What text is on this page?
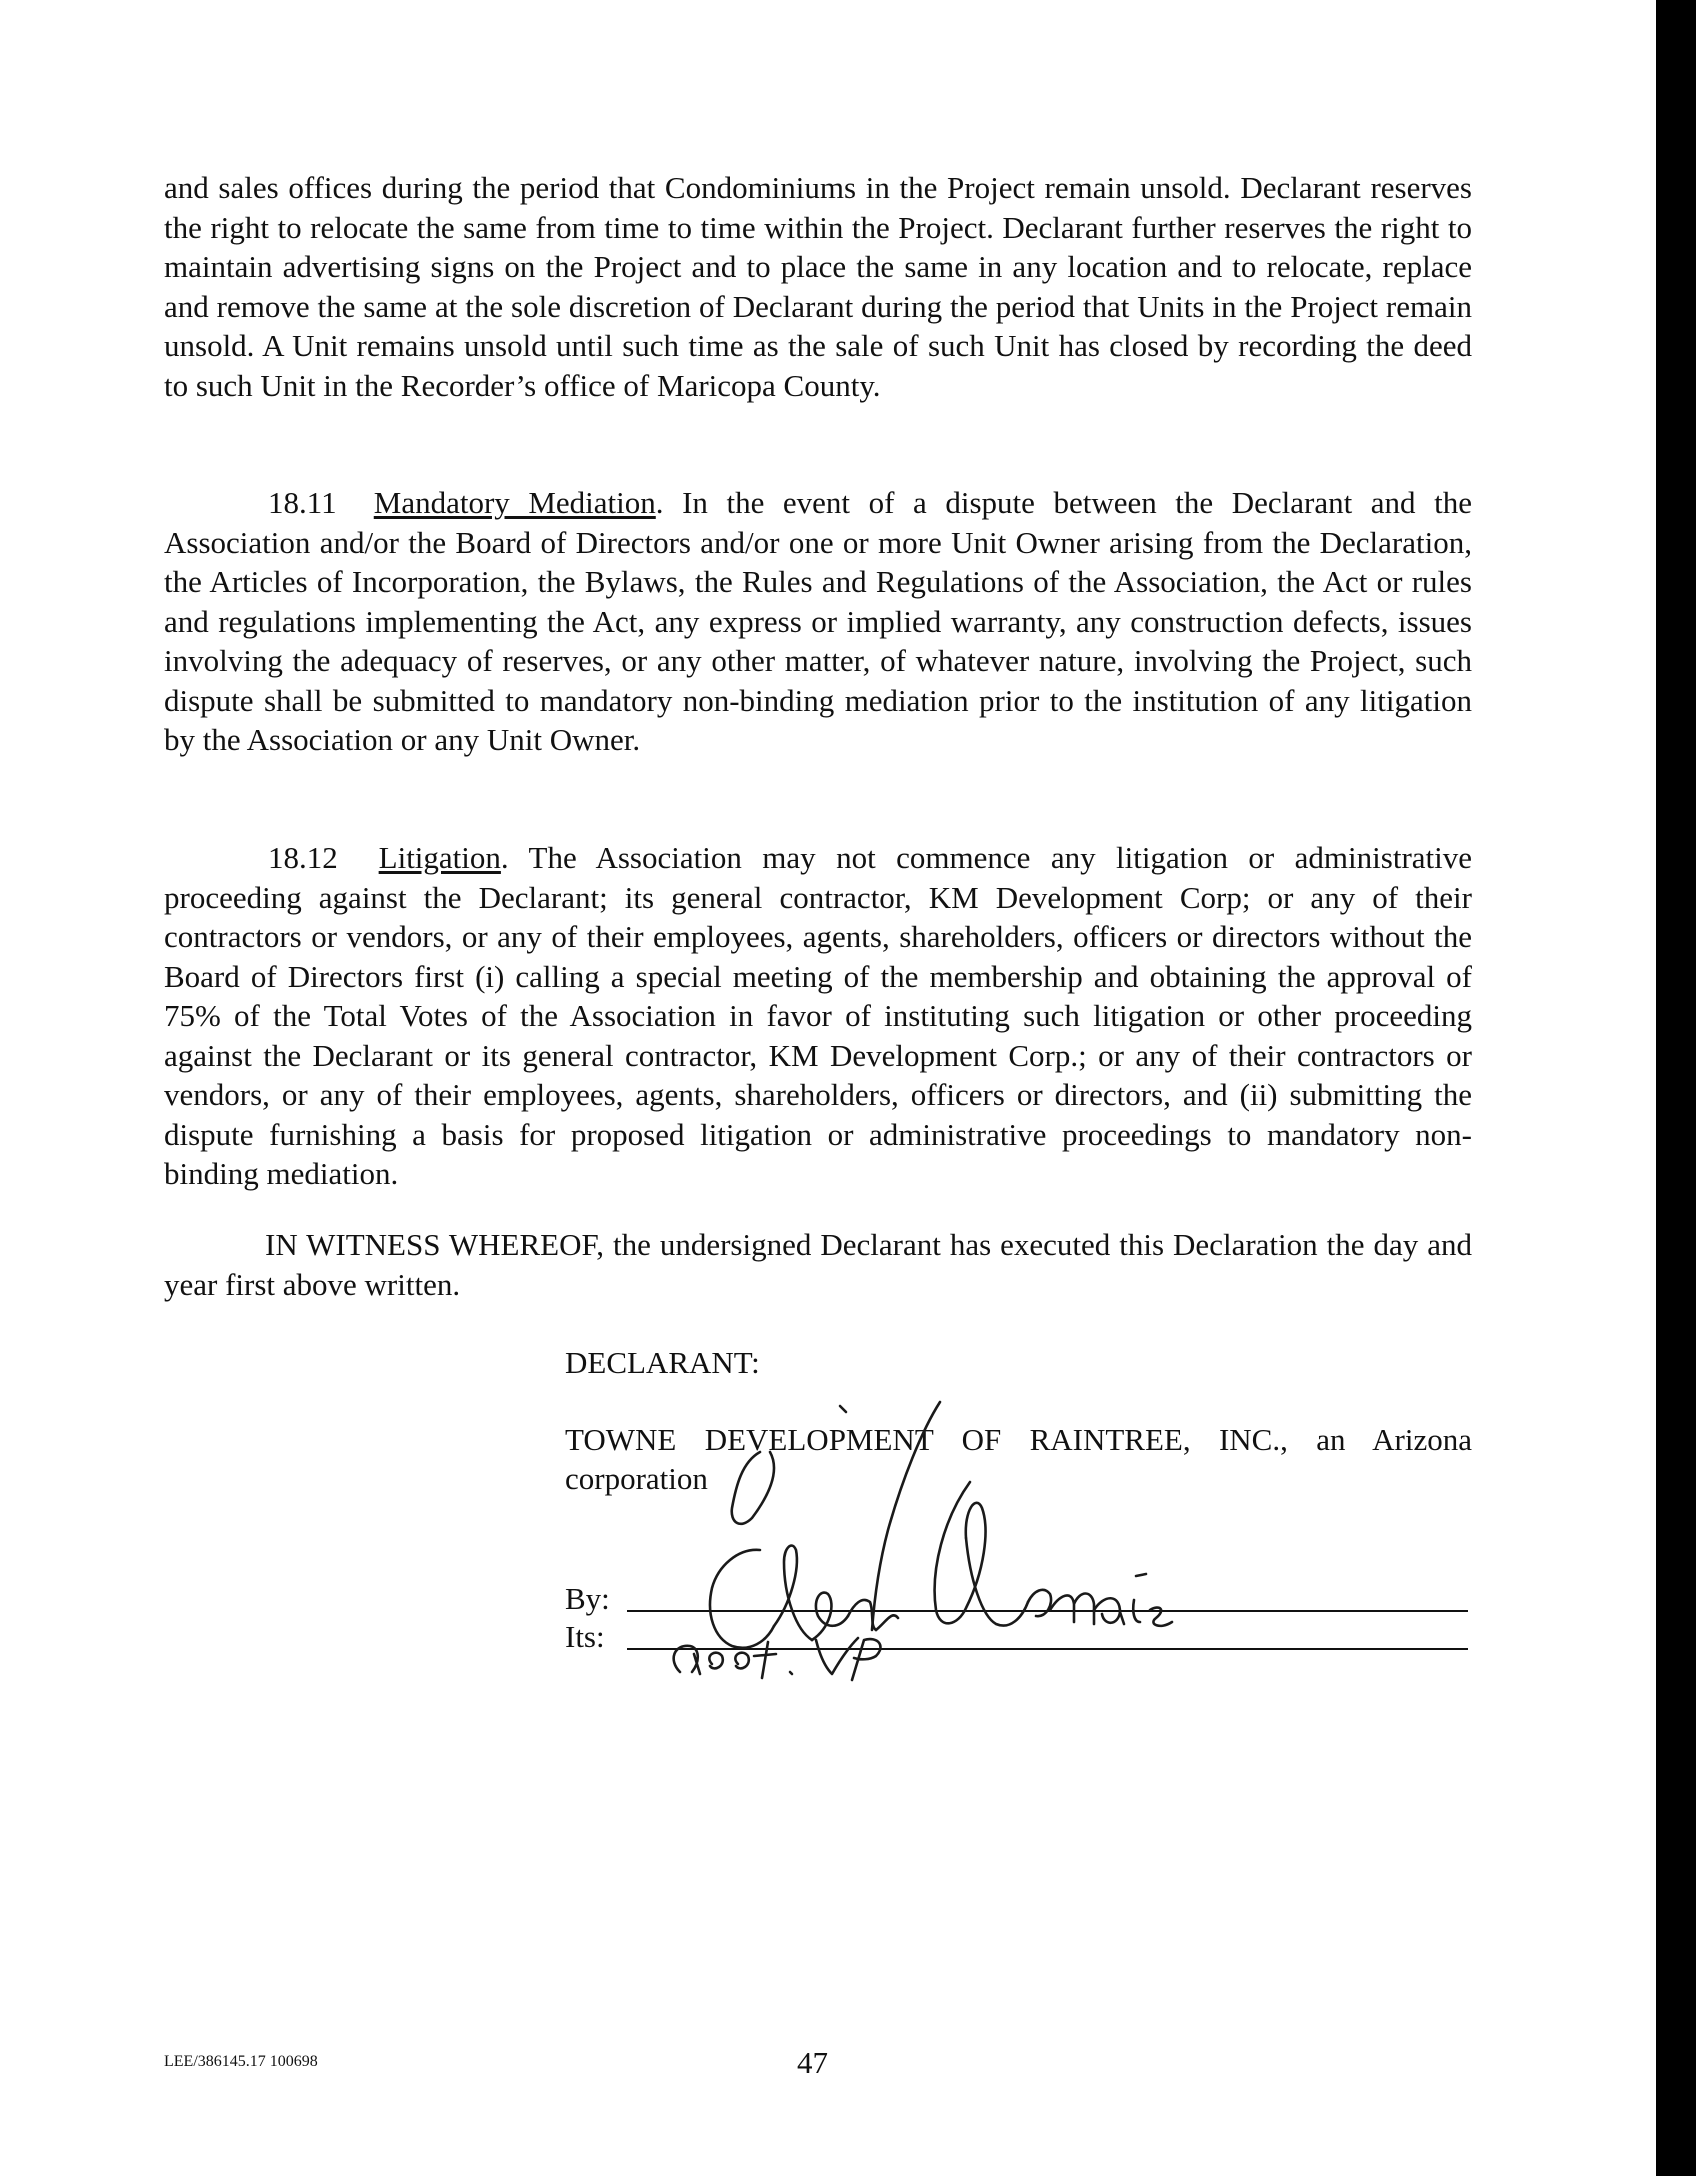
and sales offices during the period that Condominiums in the Project remain unsold. Declarant reserves the right to relocate the same from time to time within the Project. Declarant further reserves the right to maintain advertising signs on the Project and to place the same in any location and to relocate, replace and remove the same at the sole discretion of Declarant during the period that Units in the Project remain unsold. A Unit remains unsold until such time as the sale of such Unit has closed by recording the deed to such Unit in the Recorder’s office of Maricopa County.

18.11 Mandatory Mediation. In the event of a dispute between the Declarant and the Association and/or the Board of Directors and/or one or more Unit Owner arising from the Declaration, the Articles of Incorporation, the Bylaws, the Rules and Regulations of the Association, the Act or rules and regulations implementing the Act, any express or implied warranty, any construction defects, issues involving the adequacy of reserves, or any other matter, of whatever nature, involving the Project, such dispute shall be submitted to mandatory non-binding mediation prior to the institution of any litigation by the Association or any Unit Owner.

18.12 Litigation. The Association may not commence any litigation or administrative proceeding against the Declarant; its general contractor, KM Development Corp; or any of their contractors or vendors, or any of their employees, agents, shareholders, officers or directors without the Board of Directors first (i) calling a special meeting of the membership and obtaining the approval of 75% of the Total Votes of the Association in favor of instituting such litigation or other proceeding against the Declarant or its general contractor, KM Development Corp.; or any of their contractors or vendors, or any of their employees, agents, shareholders, officers or directors, and (ii) submitting the dispute furnishing a basis for proposed litigation or administrative proceedings to mandatory non-binding mediation.

IN WITNESS WHEREOF, the undersigned Declarant has executed this Declaration the day and year first above written.

DECLARANT:

TOWNE DEVELOPMENT OF RAINTREE, INC., an Arizona

corporation

By:
Its:
LEE/386145.17 100698	47
